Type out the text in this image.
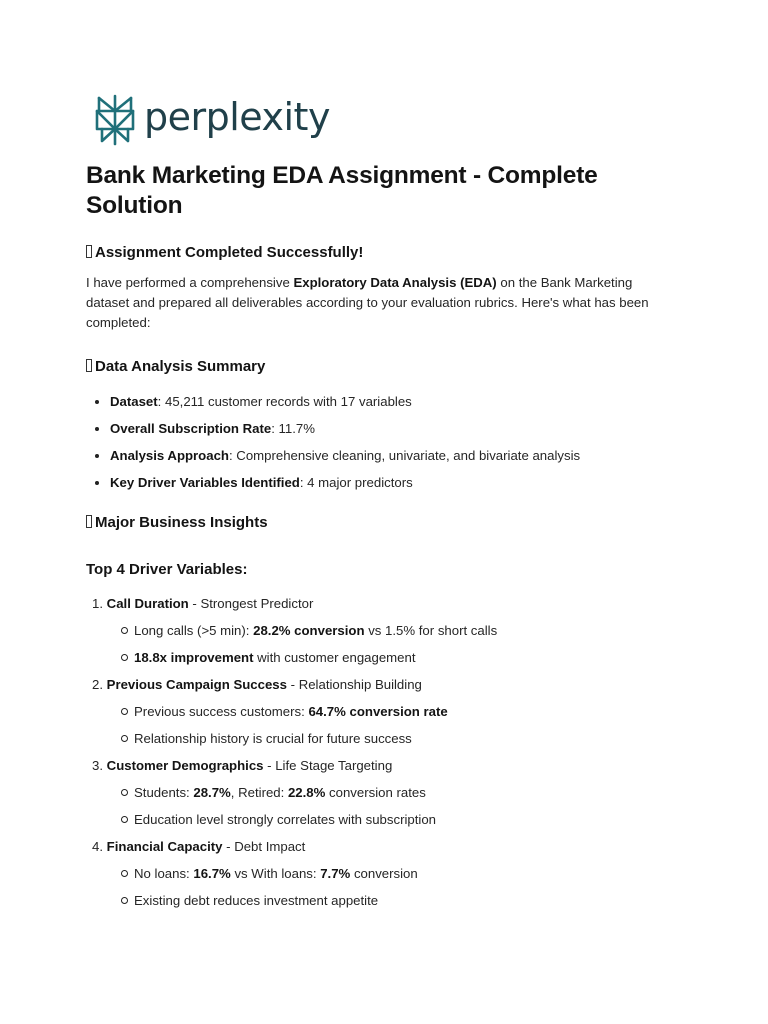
perplexity
Bank Marketing EDA Assignment - Complete Solution
Assignment Completed Successfully!

I have performed a comprehensive Exploratory Data Analysis (EDA) on the Bank Marketing dataset and prepared all deliverables according to your evaluation rubrics. Here's what has been completed:

Data Analysis Summary
Dataset: 45,211 customer records with 17 variables
Overall Subscription Rate: 11.7%
Analysis Approach: Comprehensive cleaning, univariate, and bivariate analysis
Key Driver Variables Identified: 4 major predictors
Major Business Insights
Top 4 Driver Variables:
1. Call Duration - Strongest Predictor
Long calls (>5 min): 28.2% conversion vs 1.5% for short calls
18.8x improvement with customer engagement
2. Previous Campaign Success - Relationship Building
Previous success customers: 64.7% conversion rate
Relationship history is crucial for future success
3. Customer Demographics - Life Stage Targeting
Students: 28.7%, Retired: 22.8% conversion rates
Education level strongly correlates with subscription
4. Financial Capacity - Debt Impact
No loans: 16.7% vs With loans: 7.7% conversion
Existing debt reduces investment appetite
